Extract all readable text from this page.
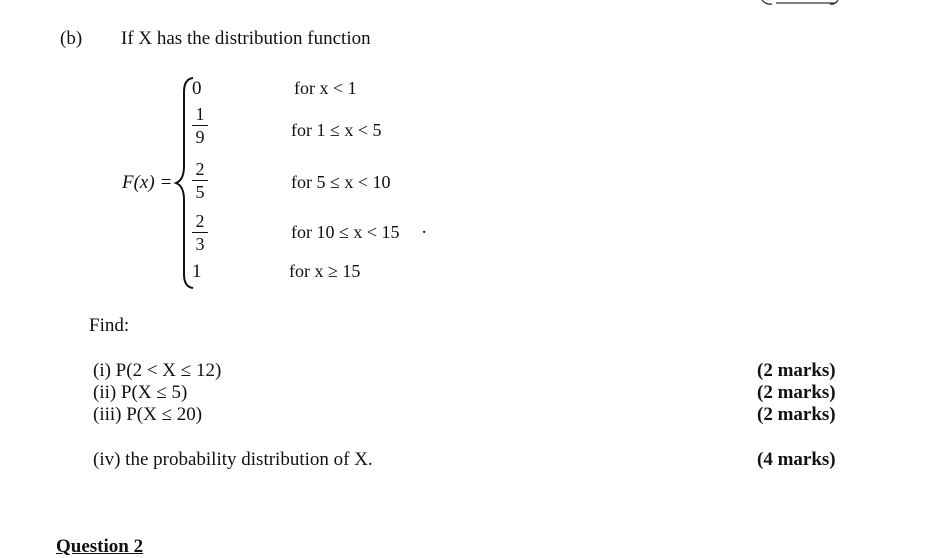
(b) If X has the distribution function
F(x) =
0
1
9
2
5
2
3
1
for x < 1
for 1 ≤ x < 5
for 5 ≤ x < 10
for 10 ≤ x < 15
for x ≥ 15
·
Find:
(i) P(2 < X ≤ 12)
(ii) P(X ≤ 5)
(iii) P(X ≤ 20)
(iv) the probability distribution of X.
(2 marks)
(2 marks)
(2 marks)
(4 marks)
Question 2
